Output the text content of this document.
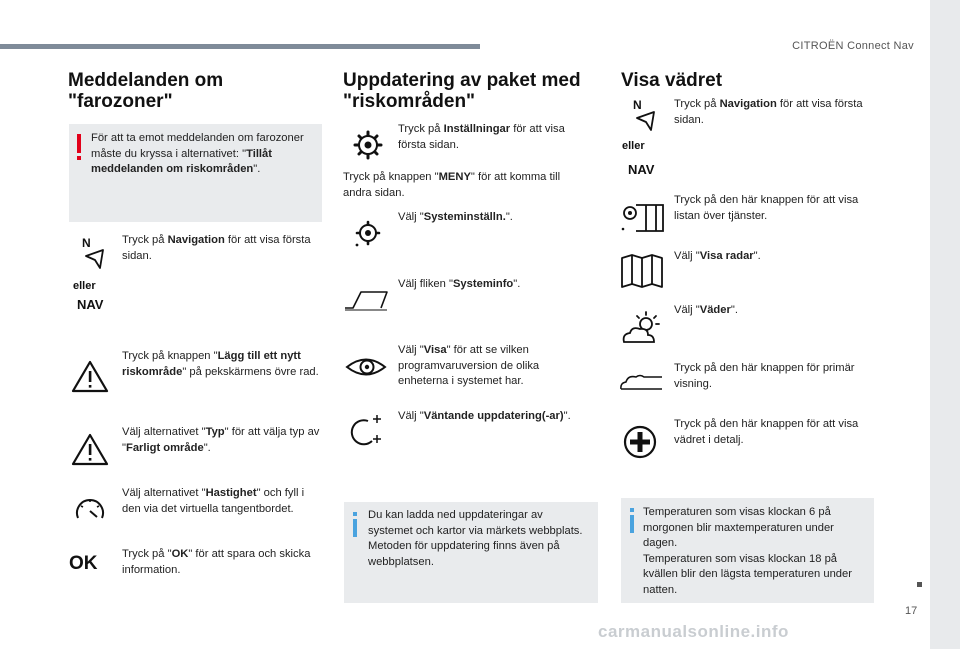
CITROËN Connect Nav
17
carmanualsonline.info
Meddelanden om "farozoner"
För att ta emot meddelanden om farozoner måste du kryssa i alternativet: "Tillåt meddelanden om riskområden".
N
eller
NAV
Tryck på Navigation för att visa första sidan.
Tryck på knappen "Lägg till ett nytt riskområde" på pekskärmens övre rad.
Välj alternativet "Typ" för att välja typ av "Farligt område".
Välj alternativet "Hastighet" och fyll i den via det virtuella tangentbordet.
OK Tryck på "OK" för att spara och skicka information.
Uppdatering av paket med "riskområden"
Tryck på Inställningar för att visa första sidan.
Tryck på knappen "MENY" för att komma till andra sidan.
Välj "Systeminställn.".
Välj fliken "Systeminfo".
Välj "Visa" för att se vilken programvaruversion de olika enheterna i systemet har.
Välj "Väntande uppdatering(-ar)".
Du kan ladda ned uppdateringar av systemet och kartor via märkets webbplats.
Metoden för uppdatering finns även på webbplatsen.
Visa vädret
N
eller
NAV
Tryck på Navigation för att visa första sidan.
Tryck på den här knappen för att visa listan över tjänster.
Välj "Visa radar".
Välj "Väder".
Tryck på den här knappen för primär visning.
Tryck på den här knappen för att visa vädret i detalj.
Temperaturen som visas klockan 6 på morgonen blir maxtemperaturen under dagen.
Temperaturen som visas klockan 18 på kvällen blir den lägsta temperaturen under natten.
